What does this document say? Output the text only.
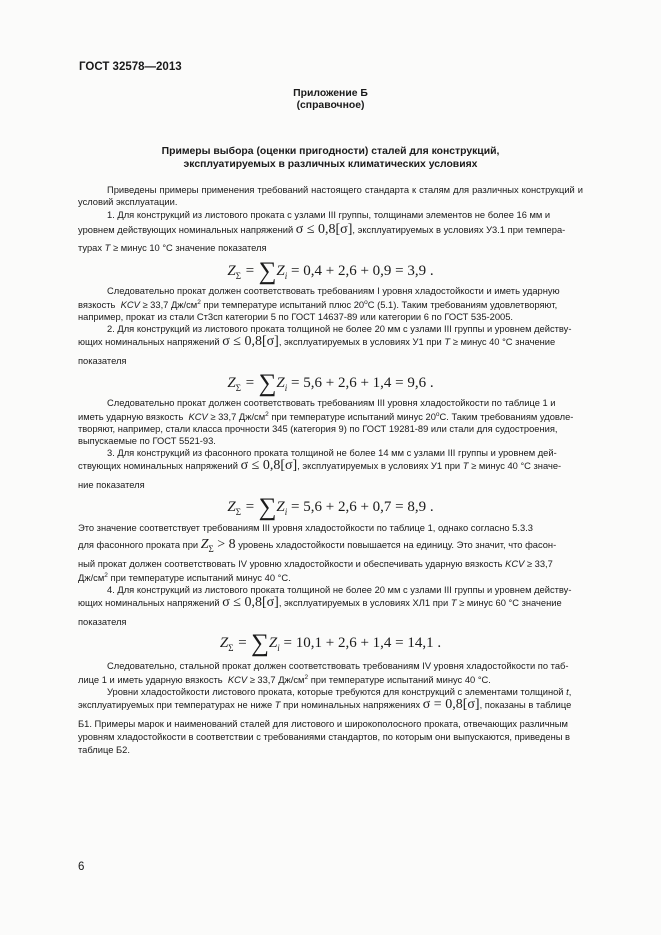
ГОСТ 32578—2013
Приложение Б
(справочное)
Примеры выбора (оценки пригодности) сталей для конструкций,
эксплуатируемых в различных климатических условиях

Приведены примеры применения требований настоящего стандарта к сталям для различных конструкций и условий эксплуатации.

1. Для конструкций из листового проката с узлами III группы, толщинами элементов не более 16 мм и

уровнем действующих номинальных напряжений σ ≤ 0,8[σ], эксплуатируемых в условиях У3.1 при темпера-
турах T ≥ минус 10 °С значение показателя
$Z_\Sigma = \sum Z_i = 0,4 + 2,6 + 0,9 = 3,9$ .

Следовательно прокат должен соответствовать требованиям I уровня хладостойкости и иметь ударную

вязкость KCV ≥ 33,7 $Дж/см^2$ при температуре испытаний плюс $20^оС$ (5.1). Таким требованиям удовлетворяют,

например, прокат из стали Ст3сп категории 5 по ГОСТ 14637-89 или категории 6 по ГОСТ 535-2005.

2. Для конструкций из листового проката толщиной не более 20 мм с узлами III группы и уровнем действу-

ющих номинальных напряжений σ ≤ 0,8[σ], эксплуатируемых в условиях У1 при T ≥ минус 40 °С значение
показателя
$Z_\Sigma = \sum Z_i = 5,6 + 2,6 + 1,4 = 9,6$ .

Следовательно прокат должен соответствовать требованиям III уровня хладостойкости по таблице 1 и

иметь ударную вязкость KCV ≥ 33,7 $Дж/см^2$ при температуре испытаний минус $20^оС$. Таким требованиям удовле-

творяют, например, стали класса прочности 345 (категория 9) по ГОСТ 19281-89 или стали для судостроения,

выпускаемые по ГОСТ 5521-93.

3. Для конструкций из фасонного проката толщиной не более 14 мм с узлами III группы и уровнем дей-

ствующих номинальных напряжений σ ≤ 0,8[σ], эксплуатируемых в условиях У1 при T ≥ минус 40 °С значе-
ние показателя
$Z_\Sigma = \sum Z_i = 5,6 + 2,6 + 0,7 = 8,9$ .
Это значение соответствует требованиям III уровня хладостойкости по таблице 1, однако согласно 5.3.3
для фасонного проката при $Z_\Sigma > 8$ уровень хладостойкости повышается на единицу. Это значит, что фасон-

ный прокат должен соответствовать IV уровню хладостойкости и обеспечивать ударную вязкость KCV ≥ 33,7

$Дж/см^2$ при температуре испытаний минус 40 °С.

4. Для конструкций из листового проката толщиной не более 20 мм с узлами III группы и уровнем действу-

ющих номинальных напряжений σ ≤ 0,8[σ], эксплуатируемых в условиях ХЛ1 при T ≥ минус 60 °С значение
показателя
$Z_\Sigma = \sum Z_i = 10,1 + 2,6 + 1,4 = 14,1$ .

Следовательно, стальной прокат должен соответствовать требованиям IV уровня хладостойкости по таб-

лице 1 и иметь ударную вязкость KCV ≥ 33,7 $Дж/см^2$ при температуре испытаний минус 40 °С.

Уровни хладостойкости листового проката, которые требуются для конструкций с элементами толщиной t,

эксплуатируемых при температурах не ниже T при номинальных напряжениях σ = 0,8[σ], показаны в таблице

Б1. Примеры марок и наименований сталей для листового и широкополосного проката, отвечающих различным

уровням хладостойкости в соответствии с требованиями стандартов, по которым они выпускаются, приведены в

таблице Б2.

6
